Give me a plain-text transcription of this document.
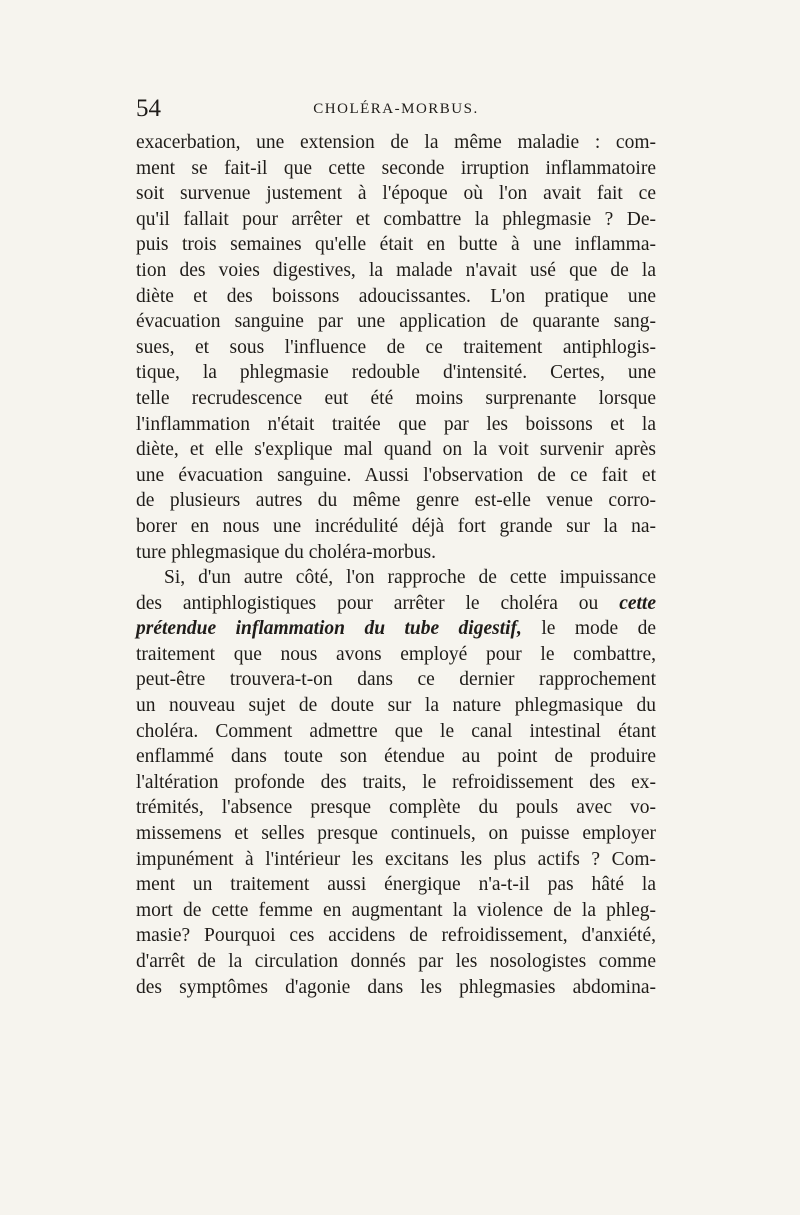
54	CHOLÉRA-MORBUS.
exacerbation, une extension de la même maladie : com-
ment se fait-il que cette seconde irruption inflammatoire
soit survenue justement à l'époque où l'on avait fait ce
qu'il fallait pour arrêter et combattre la phlegmasie ? De-
puis trois semaines qu'elle était en butte à une inflamma-
tion des voies digestives, la malade n'avait usé que de la
diète et des boissons adoucissantes. L'on pratique une
évacuation sanguine par une application de quarante sang-
sues, et sous l'influence de ce traitement antiphlogis-
tique, la phlegmasie redouble d'intensité. Certes, une
telle recrudescence eut été moins surprenante lorsque
l'inflammation n'était traitée que par les boissons et la
diète, et elle s'explique mal quand on la voit survenir après
une évacuation sanguine. Aussi l'observation de ce fait et
de plusieurs autres du même genre est-elle venue corro-
borer en nous une incrédulité déjà fort grande sur la na-
ture phlegmasique du choléra-morbus.
Si, d'un autre côté, l'on rapproche de cette impuissance
des antiphlogistiques pour arrêter le choléra ou cette
prétendue inflammation du tube digestif, le mode de
traitement que nous avons employé pour le combattre,
peut-être trouvera-t-on dans ce dernier rapprochement
un nouveau sujet de doute sur la nature phlegmasique du
choléra. Comment admettre que le canal intestinal étant
enflammé dans toute son étendue au point de produire
l'altération profonde des traits, le refroidissement des ex-
trémités, l'absence presque complète du pouls avec vo-
missemens et selles presque continuels, on puisse employer
impunément à l'intérieur les excitans les plus actifs ? Com-
ment un traitement aussi énergique n'a-t-il pas hâté la
mort de cette femme en augmentant la violence de la phleg-
masie? Pourquoi ces accidens de refroidissement, d'anxiété,
d'arrêt de la circulation donnés par les nosologistes comme
des symptômes d'agonie dans les phlegmasies abdomina-
